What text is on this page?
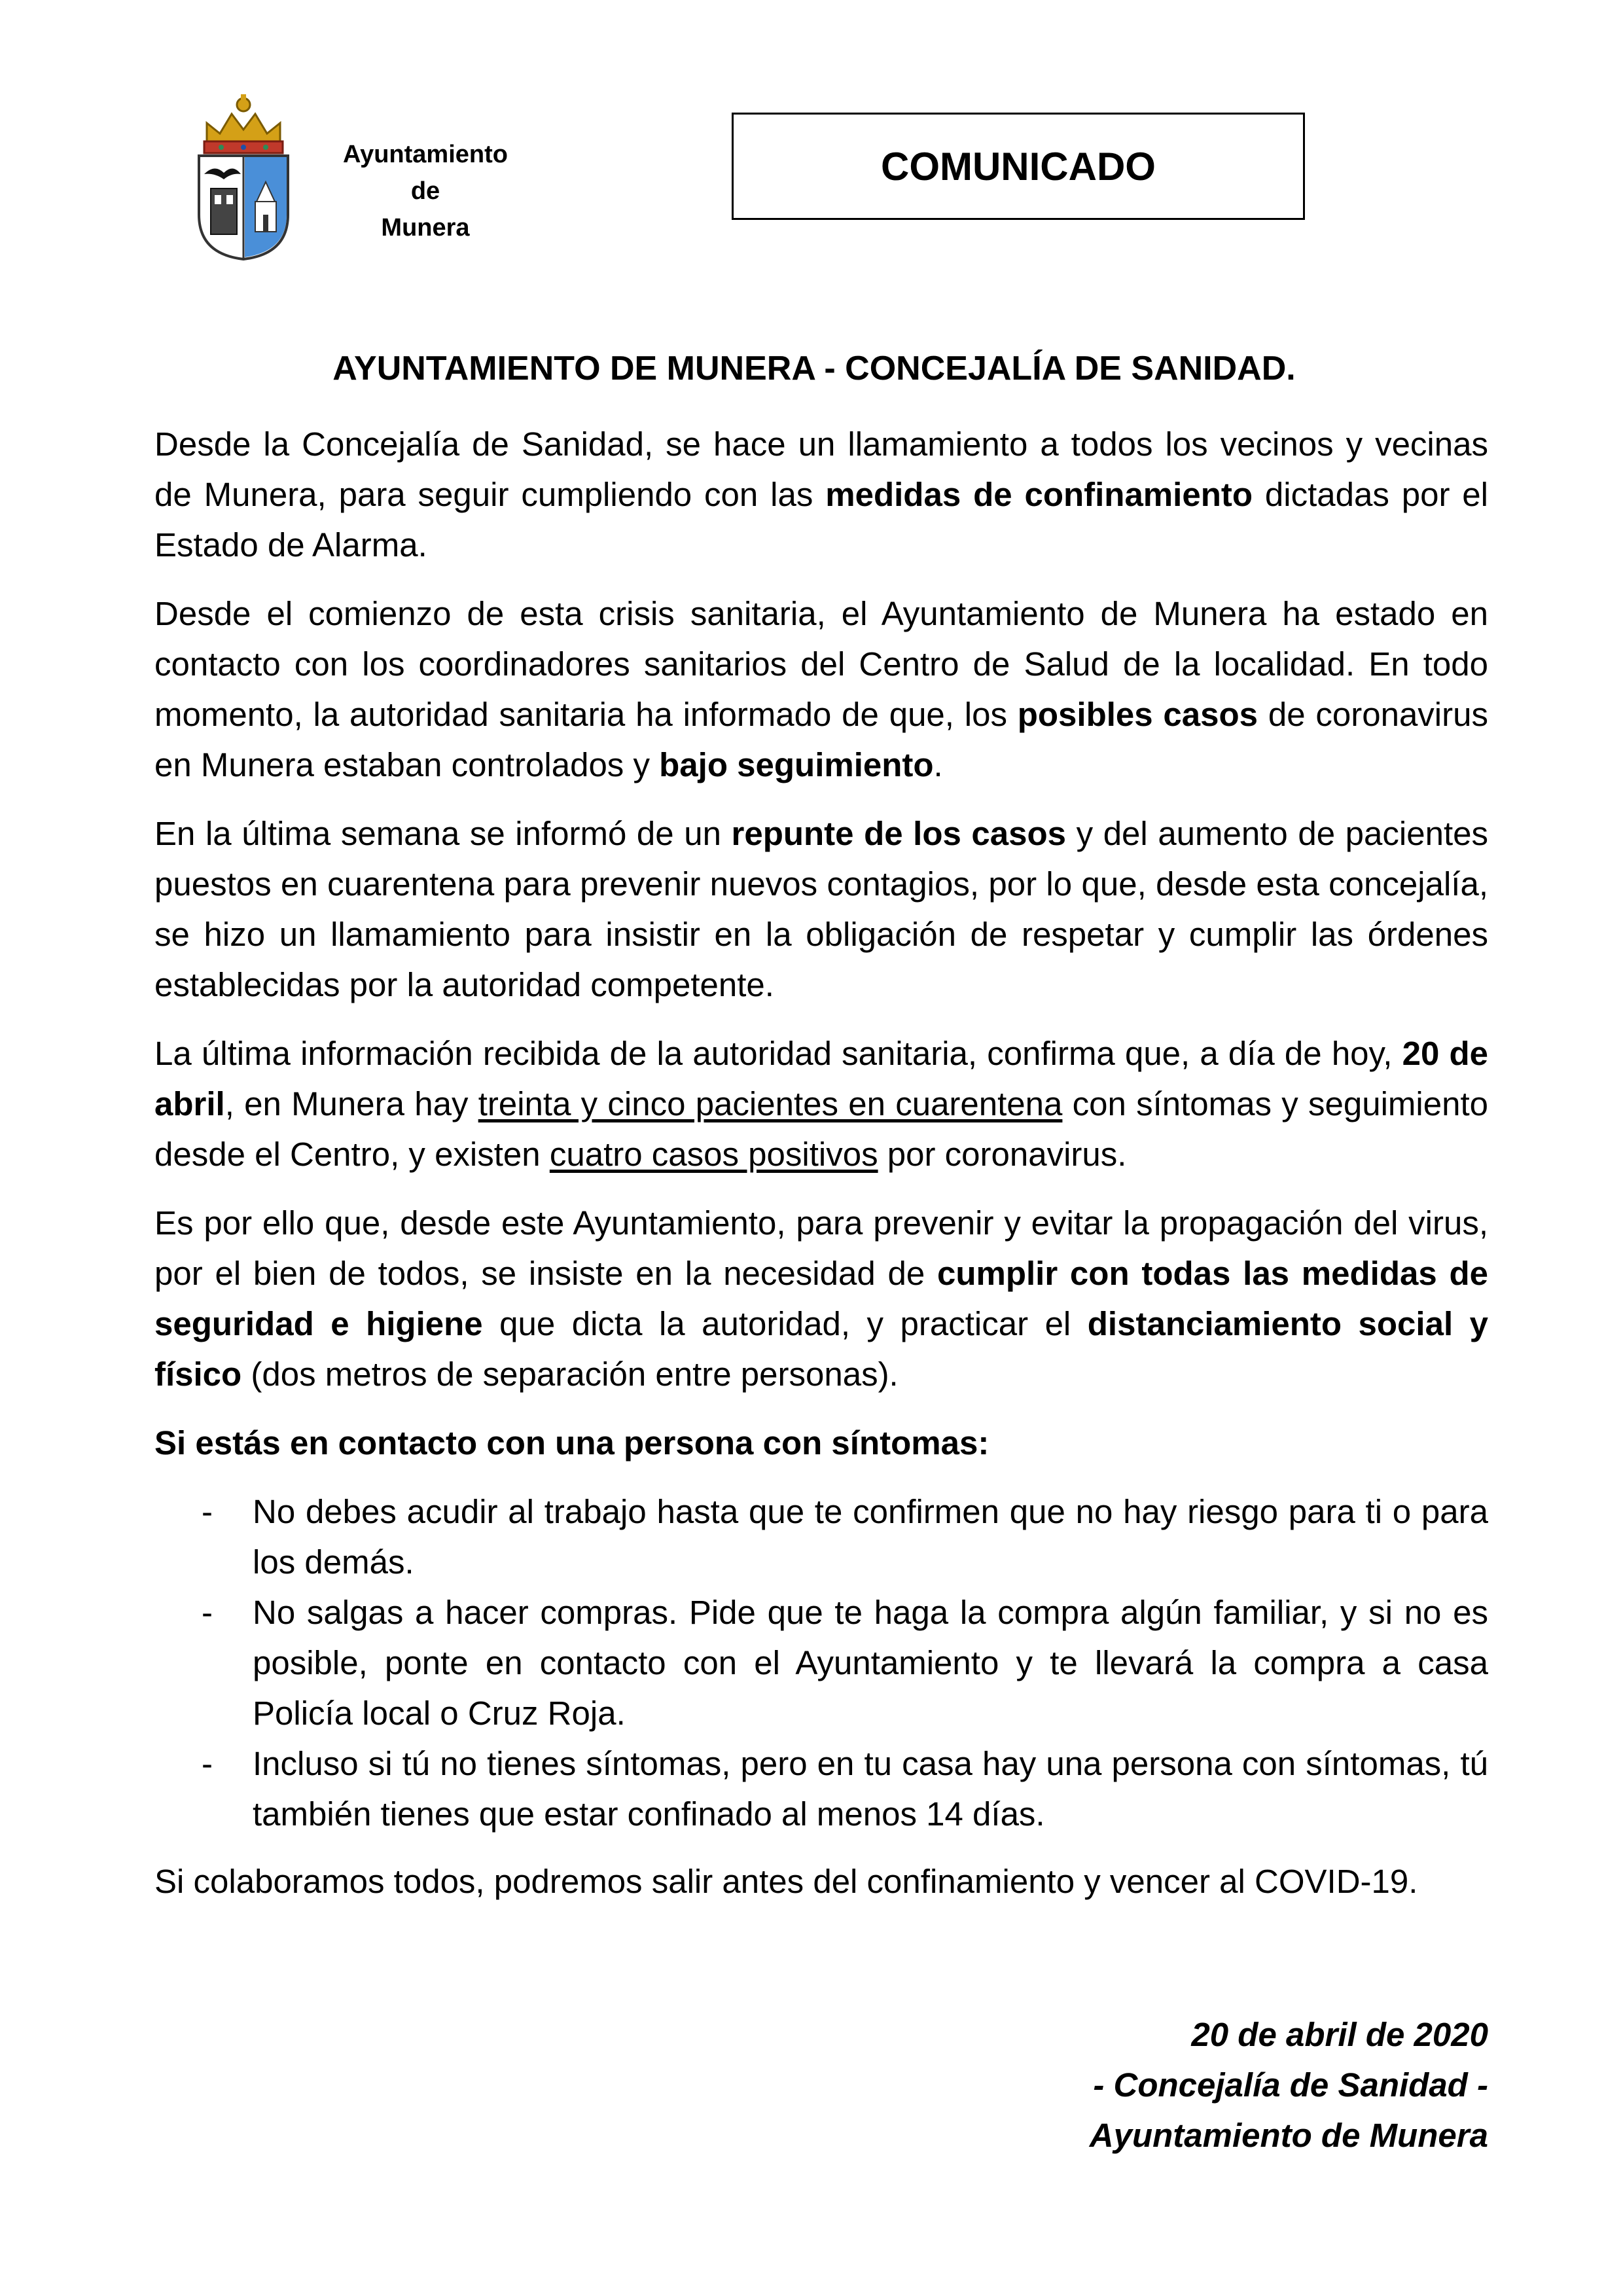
Ayuntamiento
de
Munera
COMUNICADO
AYUNTAMIENTO DE MUNERA - CONCEJALÍA DE SANIDAD.

Desde la Concejalía de Sanidad, se hace un llamamiento a todos los vecinos y vecinas de Munera, para seguir cumpliendo con las medidas de confinamiento dictadas por el Estado de Alarma.

Desde el comienzo de esta crisis sanitaria, el Ayuntamiento de Munera ha estado en contacto con los coordinadores sanitarios del Centro de Salud de la localidad. En todo momento, la autoridad sanitaria ha informado de que, los posibles casos de coronavirus en Munera estaban controlados y bajo seguimiento.

En la última semana se informó de un repunte de los casos y del aumento de pacientes puestos en cuarentena para prevenir nuevos contagios, por lo que, desde esta concejalía, se hizo un llamamiento para insistir en la obligación de respetar y cumplir las órdenes establecidas por la autoridad competente.

La última información recibida de la autoridad sanitaria, confirma que, a día de hoy, 20 de abril, en Munera hay treinta y cinco pacientes en cuarentena con síntomas y seguimiento desde el Centro, y existen cuatro casos positivos por coronavirus.

Es por ello que, desde este Ayuntamiento, para prevenir y evitar la propagación del virus, por el bien de todos, se insiste en la necesidad de cumplir con todas las medidas de seguridad e higiene que dicta la autoridad, y practicar el distanciamiento social y físico (dos metros de separación entre personas).

Si estás en contacto con una persona con síntomas:
- No debes acudir al trabajo hasta que te confirmen que no hay riesgo para ti o para los demás.
- No salgas a hacer compras. Pide que te haga la compra algún familiar, y si no es posible, ponte en contacto con el Ayuntamiento y te llevará la compra a casa Policía local o Cruz Roja.
- Incluso si tú no tienes síntomas, pero en tu casa hay una persona con síntomas, tú también tienes que estar confinado al menos 14 días.

Si colaboramos todos, podremos salir antes del confinamiento y vencer al COVID-19.

20 de abril de 2020
- Concejalía de Sanidad -
Ayuntamiento de Munera
